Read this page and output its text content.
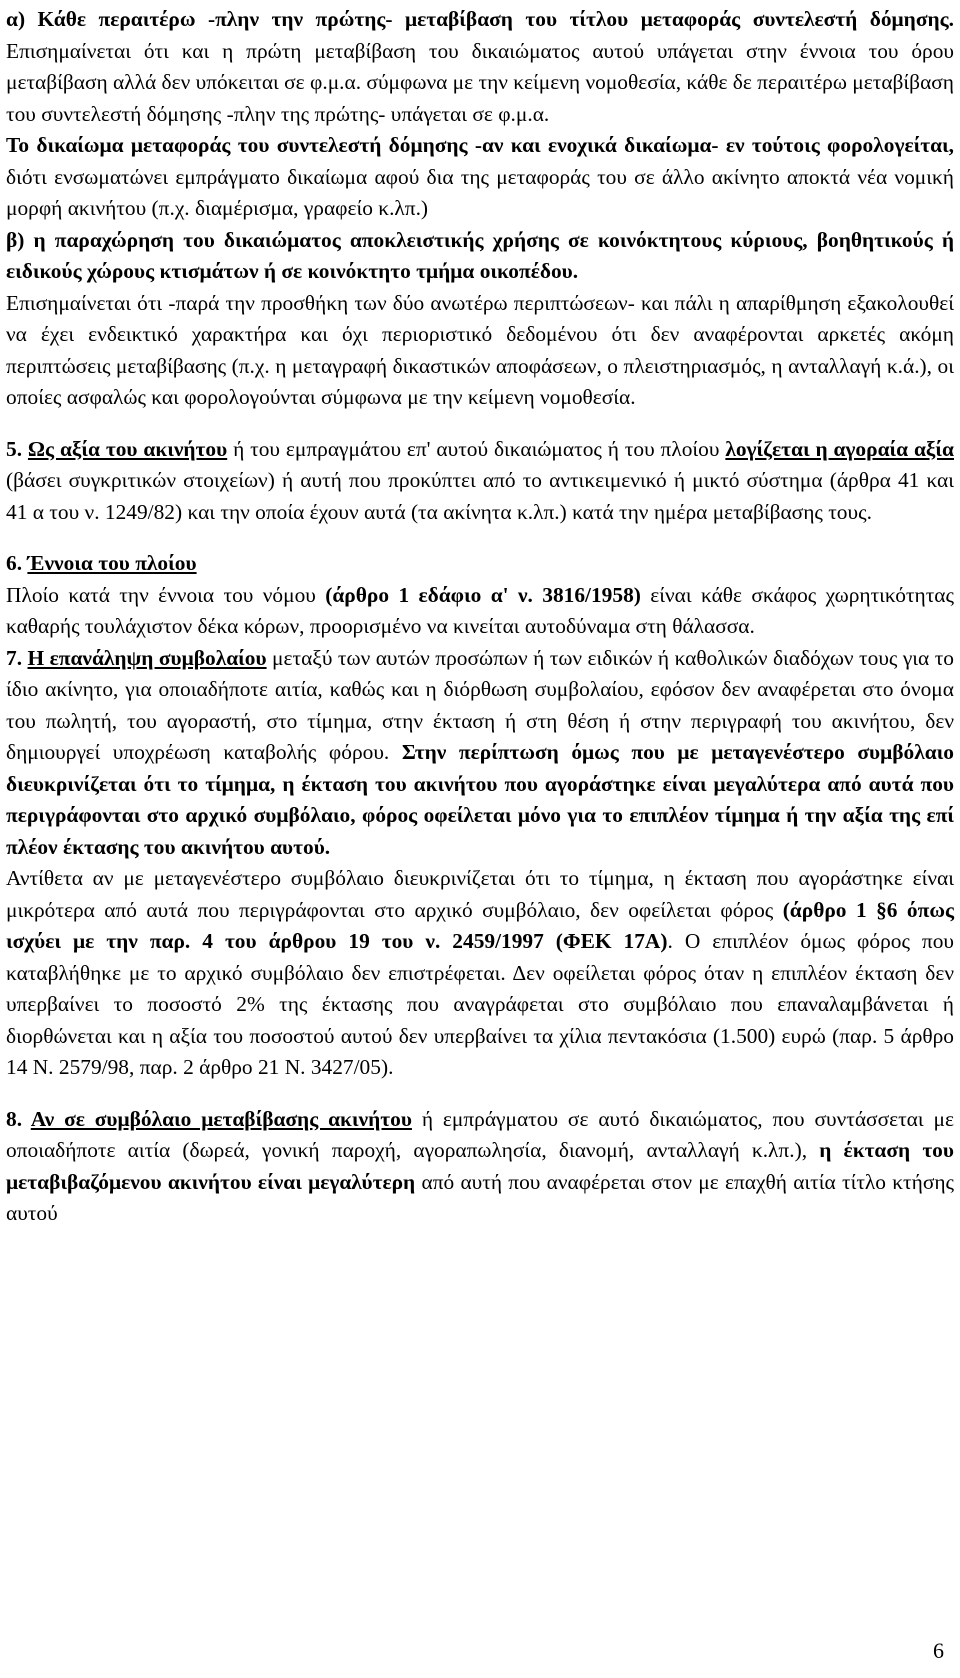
α) Κάθε περαιτέρω -πλην την πρώτης- μεταβίβαση του τίτλου μεταφοράς συντελεστή δόμησης. Επισημαίνεται ότι και η πρώτη μεταβίβαση του δικαιώματος αυτού υπάγεται στην έννοια του όρου μεταβίβαση αλλά δεν υπόκειται σε φ.μ.α. σύμφωνα με την κείμενη νομοθεσία, κάθε δε περαιτέρω μεταβίβαση του συντελεστή δόμησης -πλην της πρώτης- υπάγεται σε φ.μ.α.

Το δικαίωμα μεταφοράς του συντελεστή δόμησης -αν και ενοχικά δικαίωμα- εν τούτοις φορολογείται, διότι ενσωματώνει εμπράγματο δικαίωμα αφού δια της μεταφοράς του σε άλλο ακίνητο αποκτά νέα νομική μορφή ακινήτου (π.χ. διαμέρισμα, γραφείο κ.λπ.)

β) η παραχώρηση του δικαιώματος αποκλειστικής χρήσης σε κοινόκτητους κύριους, βοηθητικούς ή ειδικούς χώρους κτισμάτων ή σε κοινόκτητο τμήμα οικοπέδου.

Επισημαίνεται ότι -παρά την προσθήκη των δύο ανωτέρω περιπτώσεων- και πάλι η απαρίθμηση εξακολουθεί να έχει ενδεικτικό χαρακτήρα και όχι περιοριστικό δεδομένου ότι δεν αναφέρονται αρκετές ακόμη περιπτώσεις μεταβίβασης (π.χ. η μεταγραφή δικαστικών αποφάσεων, ο πλειστηριασμός, η ανταλλαγή κ.ά.), οι οποίες ασφαλώς και φορολογούνται σύμφωνα με την κείμενη νομοθεσία.

5. Ως αξία του ακινήτου ή του εμπραγμάτου επ' αυτού δικαιώματος ή του πλοίου λογίζεται η αγοραία αξία (βάσει συγκριτικών στοιχείων) ή αυτή που προκύπτει από το αντικειμενικό ή μικτό σύστημα (άρθρα 41 και 41 α του ν. 1249/82) και την οποία έχουν αυτά (τα ακίνητα κ.λπ.) κατά την ημέρα μεταβίβασης τους.

6. Έννοια του πλοίου

Πλοίο κατά την έννοια του νόμου (άρθρο 1 εδάφιο α' ν. 3816/1958) είναι κάθε σκάφος χωρητικότητας καθαρής τουλάχιστον δέκα κόρων, προορισμένο να κινείται αυτοδύναμα στη θάλασσα.

7. Η επανάληψη συμβολαίου μεταξύ των αυτών προσώπων ή των ειδικών ή καθολικών διαδόχων τους για το ίδιο ακίνητο, για οποιαδήποτε αιτία, καθώς και η διόρθωση συμβολαίου, εφόσον δεν αναφέρεται στο όνομα του πωλητή, του αγοραστή, στο τίμημα, στην έκταση ή στη θέση ή στην περιγραφή του ακινήτου, δεν δημιουργεί υποχρέωση καταβολής φόρου. Στην περίπτωση όμως που με μεταγενέστερο συμβόλαιο διευκρινίζεται ότι το τίμημα, η έκταση του ακινήτου που αγοράστηκε είναι μεγαλύτερα από αυτά που περιγράφονται στο αρχικό συμβόλαιο, φόρος οφείλεται μόνο για το επιπλέον τίμημα ή την αξία της επί πλέον έκτασης του ακινήτου αυτού.

Αντίθετα αν με μεταγενέστερο συμβόλαιο διευκρινίζεται ότι το τίμημα, η έκταση που αγοράστηκε είναι μικρότερα από αυτά που περιγράφονται στο αρχικό συμβόλαιο, δεν οφείλεται φόρος (άρθρο 1 §6 όπως ισχύει με την παρ. 4 του άρθρου 19 του ν. 2459/1997 (ΦΕΚ 17Α). Ο επιπλέον όμως φόρος που καταβλήθηκε με το αρχικό συμβόλαιο δεν επιστρέφεται. Δεν οφείλεται φόρος όταν η επιπλέον έκταση δεν υπερβαίνει το ποσοστό 2% της έκτασης που αναγράφεται στο συμβόλαιο που επαναλαμβάνεται ή διορθώνεται και η αξία του ποσοστού αυτού δεν υπερβαίνει τα χίλια πεντακόσια (1.500) ευρώ (παρ. 5 άρθρο 14 Ν. 2579/98, παρ. 2 άρθρο 21 Ν. 3427/05).

8. Αν σε συμβόλαιο μεταβίβασης ακινήτου ή εμπράγματου σε αυτό δικαιώματος, που συντάσσεται με οποιαδήποτε αιτία (δωρεά, γονική παροχή, αγοραπωλησία, διανομή, ανταλλαγή κ.λπ.), η έκταση του μεταβιβαζόμενου ακινήτου είναι μεγαλύτερη από αυτή που αναφέρεται στον με επαχθή αιτία τίτλο κτήσης αυτού

6
